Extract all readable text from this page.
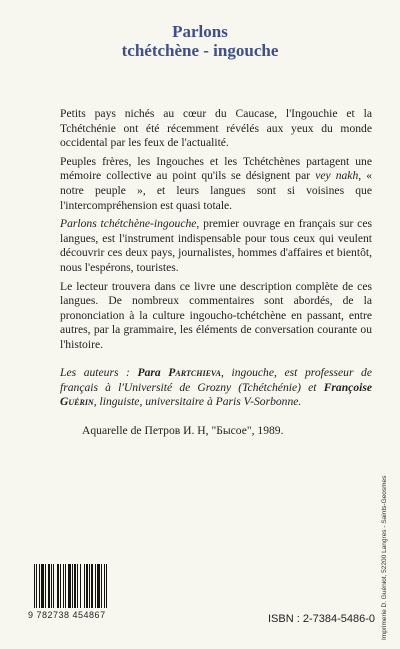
Parlons
tchétchène - ingouche

Petits pays nichés au cœur du Caucase, l'Ingouchie et la Tchétchénie ont été récemment révélés aux yeux du monde occidental par les feux de l'actualité.

Peuples frères, les Ingouches et les Tchétchènes partagent une mémoire collective au point qu'ils se désignent par vey nakh, « notre peuple », et leurs langues sont si voisines que l'intercompréhension est quasi totale.

Parlons tchétchène-ingouche, premier ouvrage en français sur ces langues, est l'instrument indispensable pour tous ceux qui veulent découvrir ces deux pays, journalistes, hommes d'affaires et bientôt, nous l'espérons, touristes.

Le lecteur trouvera dans ce livre une description complète de ces langues. De nombreux commentaires sont abordés, de la prononciation à la culture ingoucho-tchétchène en passant, entre autres, par la grammaire, les éléments de conversation courante ou l'histoire.

Les auteurs : Para Partchieva, ingouche, est professeur de français à l'Université de Grozny (Tchétchénie) et Françoise Guérin, linguiste, universitaire à Paris V-Sorbonne.
Aquarelle de Петров И. Н, "Бысое", 1989.
9 782738 454867	ISBN : 2-7384-5486-0 Imprimerie D. Guéniot, 52200 Langres - Saints-Geosmes
